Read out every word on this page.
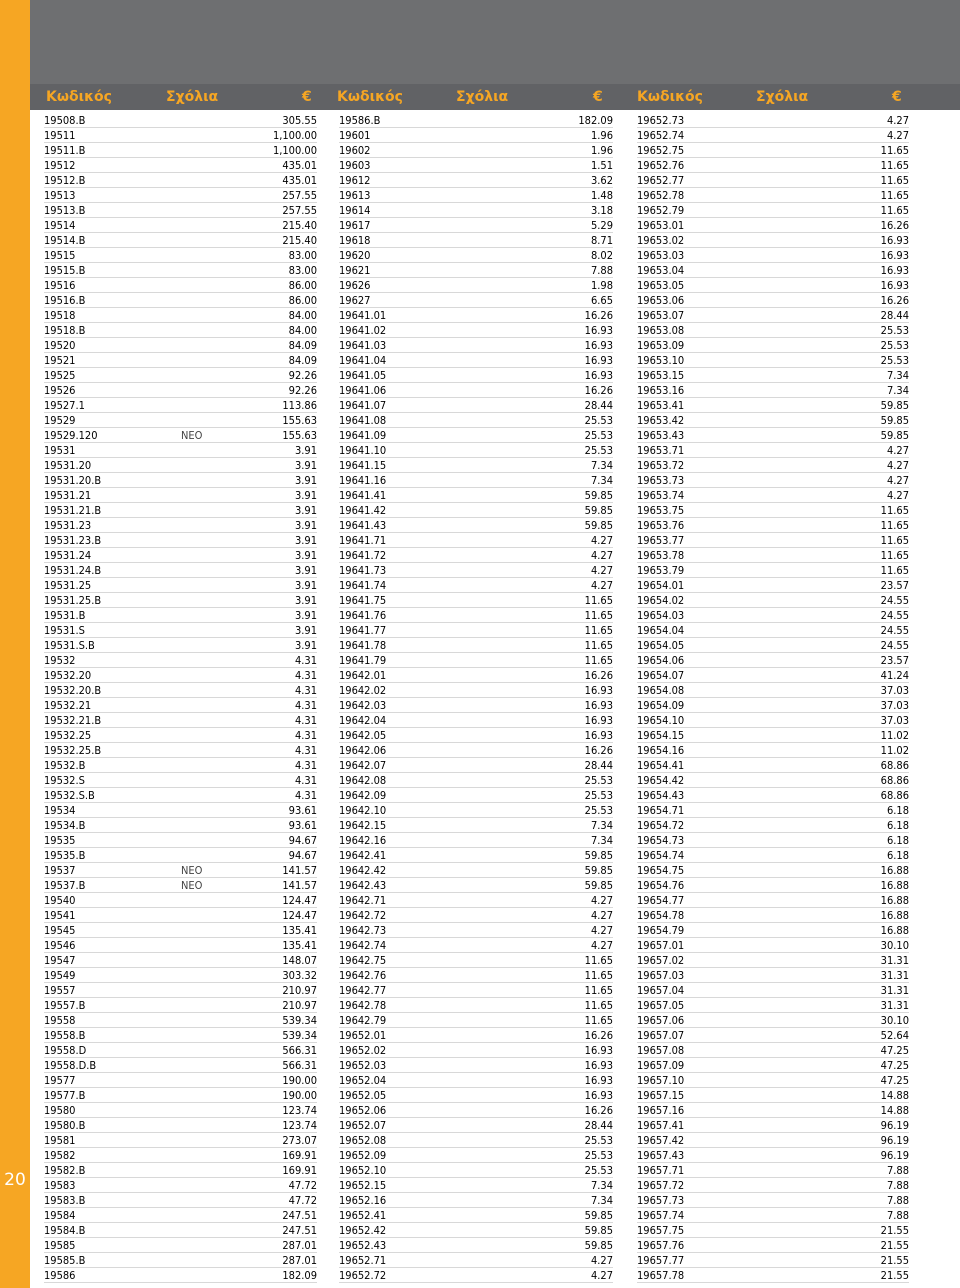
20
Κωδικός	Σχόλια	€ Κωδικός	Σχόλια	€ Κωδικός	Σχόλια	€
19508.B	305.55
19511	1,100.00
19511.B	1,100.00
19512	435.01
19512.B	435.01
19513	257.55
19513.B	257.55
19514	215.40
19514.B	215.40
19515	83.00
19515.B	83.00
19516	86.00
19516.B	86.00
19518	84.00
19518.B	84.00
19520	84.09
19521	84.09
19525	92.26
19526	92.26
19527.1	113.86
19529	155.63
19529.120	ΝΕΟ	155.63
19531	3.91
19531.20	3.91
19531.20.B	3.91
19531.21	3.91
19531.21.B	3.91
19531.23	3.91
19531.23.B	3.91
19531.24	3.91
19531.24.B	3.91
19531.25	3.91
19531.25.B	3.91
19531.B	3.91
19531.S	3.91
19531.S.B	3.91
19532	4.31
19532.20	4.31
19532.20.B	4.31
19532.21	4.31
19532.21.B	4.31
19532.25	4.31
19532.25.B	4.31
19532.B	4.31
19532.S	4.31
19532.S.B	4.31
19534	93.61
19534.B	93.61
19535	94.67
19535.B	94.67
19537	ΝΕΟ	141.57
19537.B	ΝΕΟ	141.57
19540	124.47
19541	124.47
19545	135.41
19546	135.41
19547	148.07
19549	303.32
19557	210.97
19557.B	210.97
19558	539.34
19558.B	539.34
19558.D	566.31
19558.D.B	566.31
19577	190.00
19577.B	190.00
19580	123.74
19580.B	123.74
19581	273.07
19582	169.91
19582.B	169.91
19583	47.72
19583.B	47.72
19584	247.51
19584.B	247.51
19585	287.01
19585.B	287.01
19586	182.09
19586.B	182.09
19601	1.96
19602	1.96
19603	1.51
19612	3.62
19613	1.48
19614	3.18
19617	5.29
19618	8.71
19620	8.02
19621	7.88
19626	1.98
19627	6.65
19641.01	16.26
19641.02	16.93
19641.03	16.93
19641.04	16.93
19641.05	16.93
19641.06	16.26
19641.07	28.44
19641.08	25.53
19641.09	25.53
19641.10	25.53
19641.15	7.34
19641.16	7.34
19641.41	59.85
19641.42	59.85
19641.43	59.85
19641.71	4.27
19641.72	4.27
19641.73	4.27
19641.74	4.27
19641.75	11.65
19641.76	11.65
19641.77	11.65
19641.78	11.65
19641.79	11.65
19642.01	16.26
19642.02	16.93
19642.03	16.93
19642.04	16.93
19642.05	16.93
19642.06	16.26
19642.07	28.44
19642.08	25.53
19642.09	25.53
19642.10	25.53
19642.15	7.34
19642.16	7.34
19642.41	59.85
19642.42	59.85
19642.43	59.85
19642.71	4.27
19642.72	4.27
19642.73	4.27
19642.74	4.27
19642.75	11.65
19642.76	11.65
19642.77	11.65
19642.78	11.65
19642.79	11.65
19652.01	16.26
19652.02	16.93
19652.03	16.93
19652.04	16.93
19652.05	16.93
19652.06	16.26
19652.07	28.44
19652.08	25.53
19652.09	25.53
19652.10	25.53
19652.15	7.34
19652.16	7.34
19652.41	59.85
19652.42	59.85
19652.43	59.85
19652.71	4.27
19652.72	4.27
19652.73	4.27
19652.74	4.27
19652.75	11.65
19652.76	11.65
19652.77	11.65
19652.78	11.65
19652.79	11.65
19653.01	16.26
19653.02	16.93
19653.03	16.93
19653.04	16.93
19653.05	16.93
19653.06	16.26
19653.07	28.44
19653.08	25.53
19653.09	25.53
19653.10	25.53
19653.15	7.34
19653.16	7.34
19653.41	59.85
19653.42	59.85
19653.43	59.85
19653.71	4.27
19653.72	4.27
19653.73	4.27
19653.74	4.27
19653.75	11.65
19653.76	11.65
19653.77	11.65
19653.78	11.65
19653.79	11.65
19654.01	23.57
19654.02	24.55
19654.03	24.55
19654.04	24.55
19654.05	24.55
19654.06	23.57
19654.07	41.24
19654.08	37.03
19654.09	37.03
19654.10	37.03
19654.15	11.02
19654.16	11.02
19654.41	68.86
19654.42	68.86
19654.43	68.86
19654.71	6.18
19654.72	6.18
19654.73	6.18
19654.74	6.18
19654.75	16.88
19654.76	16.88
19654.77	16.88
19654.78	16.88
19654.79	16.88
19657.01	30.10
19657.02	31.31
19657.03	31.31
19657.04	31.31
19657.05	31.31
19657.06	30.10
19657.07	52.64
19657.08	47.25
19657.09	47.25
19657.10	47.25
19657.15	14.88
19657.16	14.88
19657.41	96.19
19657.42	96.19
19657.43	96.19
19657.71	7.88
19657.72	7.88
19657.73	7.88
19657.74	7.88
19657.75	21.55
19657.76	21.55
19657.77	21.55
19657.78	21.55
